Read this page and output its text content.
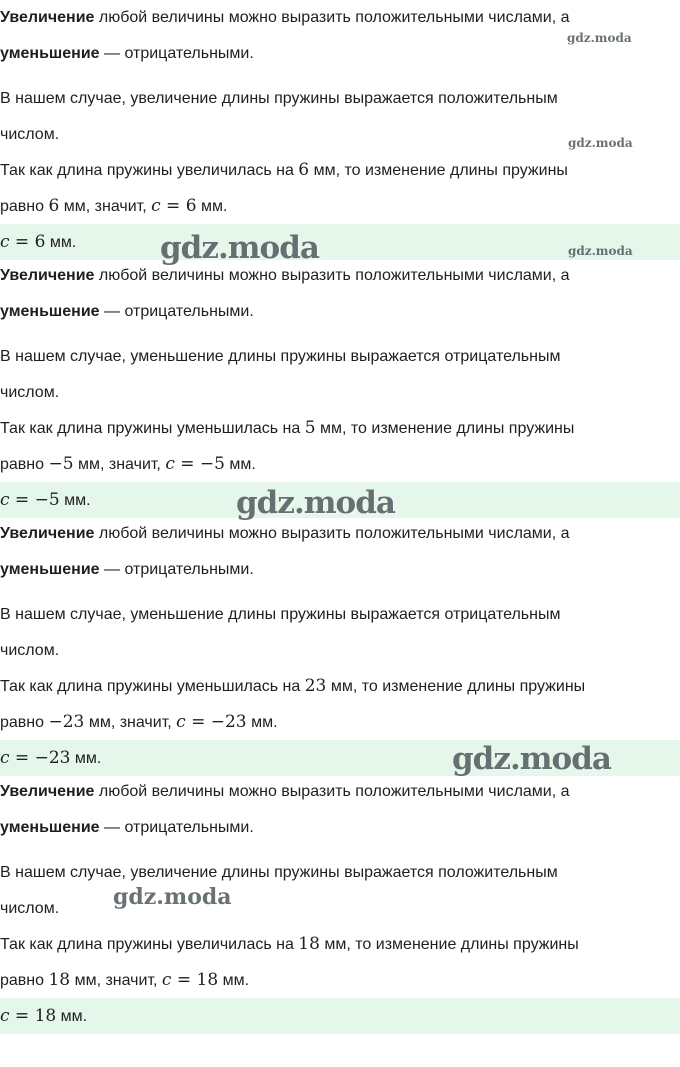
Увеличение любой величины можно выразить положительными числами, а
уменьшение — отрицательными.
В нашем случае, увеличение длины пружины выражается положительным
числом.
Так как длина пружины увеличилась на 6 мм, то изменение длины пружины
равно 6 мм, значит, c = 6 мм.
c = 6 мм.
Увеличение любой величины можно выразить положительными числами, а
уменьшение — отрицательными.
В нашем случае, уменьшение длины пружины выражается отрицательным
числом.
Так как длина пружины уменьшилась на 5 мм, то изменение длины пружины
равно −5 мм, значит, c = −5 мм.
c = −5 мм.
Увеличение любой величины можно выразить положительными числами, а
уменьшение — отрицательными.
В нашем случае, уменьшение длины пружины выражается отрицательным
числом.
Так как длина пружины уменьшилась на 23 мм, то изменение длины пружины
равно −23 мм, значит, c = −23 мм.
c = −23 мм.
Увеличение любой величины можно выразить положительными числами, а
уменьшение — отрицательными.
В нашем случае, увеличение длины пружины выражается положительным
числом.
Так как длина пружины увеличилась на 18 мм, то изменение длины пружины
равно 18 мм, значит, c = 18 мм.
c = 18 мм.
gdz.moda
gdz.moda
gdz.moda
gdz.moda
gdz.moda
gdz.moda
gdz.moda
